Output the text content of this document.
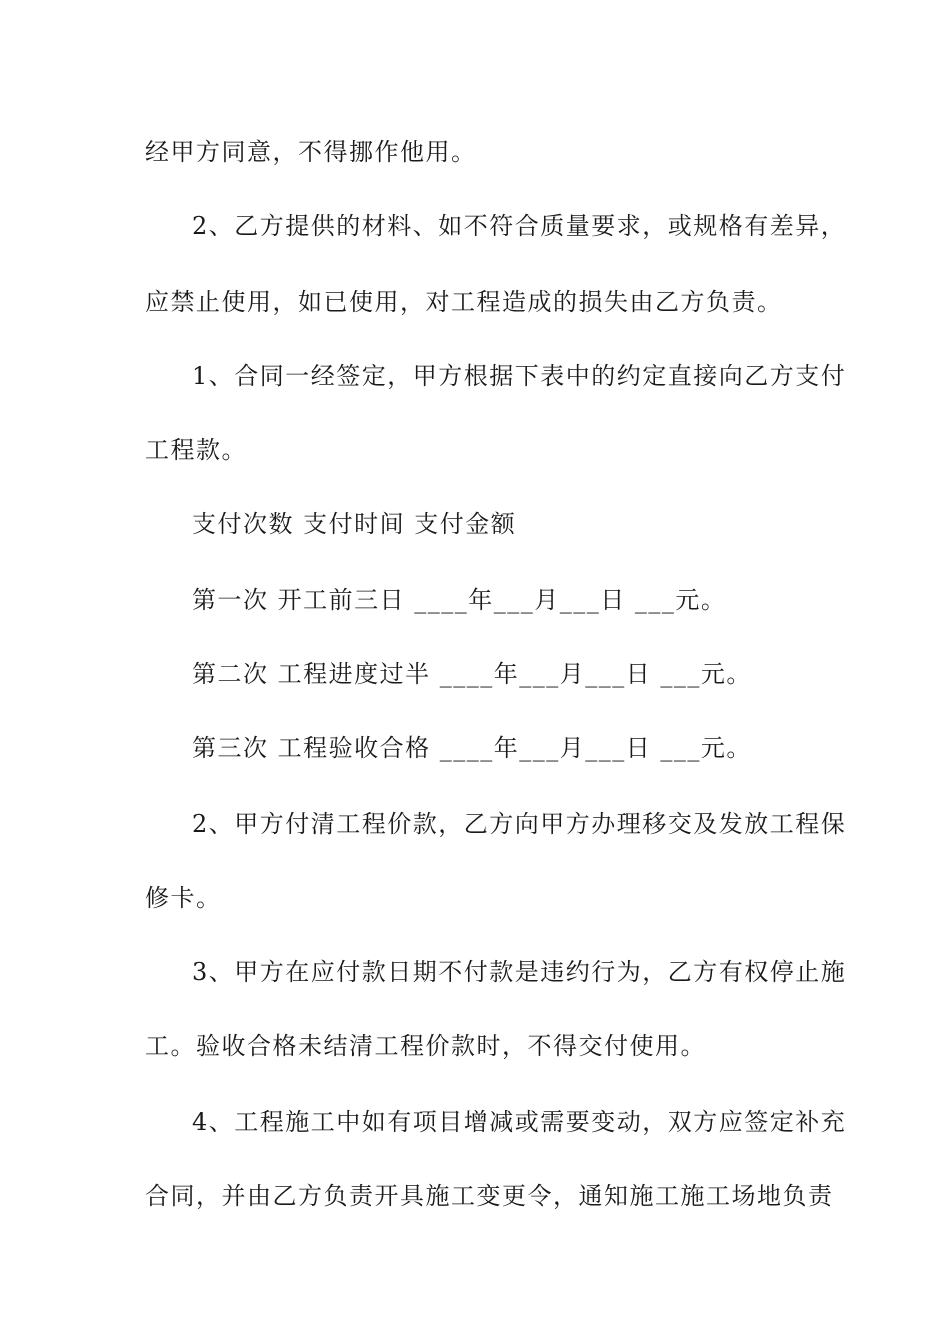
经甲方同意，不得挪作他用。
2、乙方提供的材料、如不符合质量要求，或规格有差异，
应禁止使用，如已使用，对工程造成的损失由乙方负责。
1、合同一经签定，甲方根据下表中的约定直接向乙方支付
工程款。
支付次数 支付时间 支付金额
第一次 开工前三日 ____年___月___日 ___元。
第二次 工程进度过半 ____年___月___日 ___元。
第三次 工程验收合格 ____年___月___日 ___元。
2、甲方付清工程价款，乙方向甲方办理移交及发放工程保
修卡。
3、甲方在应付款日期不付款是违约行为，乙方有权停止施
工。验收合格未结清工程价款时，不得交付使用。
4、工程施工中如有项目增减或需要变动，双方应签定补充
合同，并由乙方负责开具施工变更令，通知施工施工场地负责
